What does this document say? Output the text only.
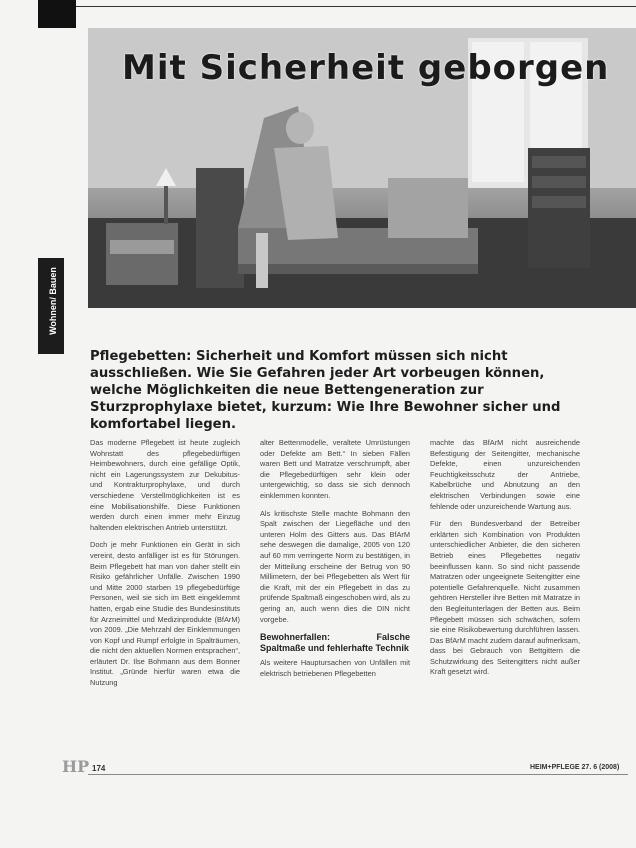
Mit Sicherheit geborgen
Wohnen/ Bauen
Pflegebetten: Sicherheit und Komfort müssen sich nicht ausschließen. Wie Sie Gefahren jeder Art vorbeugen können, welche Möglichkeiten die neue Bettengeneration zur Sturzprophylaxe bietet, kurzum: Wie Ihre Bewohner sicher und komfortabel liegen.

Das moderne Pflegebett ist heute zugleich Wohnstatt des pflegebedürftigen Heimbewohners, durch eine gefällige Optik, nicht ein Lagerungssystem zur Dekubitus- und Kontrakturprophylaxe, und durch verschiedene Verstellmöglichkeiten ist es eine Mobilisationshilfe. Diese Funktionen werden durch einen immer mehr Einzug haltenden elektrischen Antrieb unterstützt.

Doch je mehr Funktionen ein Gerät in sich vereint, desto anfälliger ist es für Störungen. Beim Pflegebett hat man von daher stellt ein Risiko gefährlicher Unfälle. Zwischen 1990 und Mitte 2000 starben 19 pflegebedürftige Personen, weil sie sich im Bett eingeklemmt hatten, ergab eine Studie des Bundesinstituts für Arzneimittel und Medizinprodukte (BfArM) von 2009. „Die Mehrzahl der Einklemmungen von Kopf und Rumpf erfolgte in Spalträumen, die nicht den aktuellen Normen entsprachen“, erläutert Dr. Ilse Bohmann aus dem Bonner Institut. „Gründe hierfür waren etwa die Nutzung

alter Bettenmodelle, veraltete Umrüstungen oder Defekte am Bett.“ In sieben Fällen waren Bett und Matratze verschrumpft, aber die Pflegebedürftigen sehr klein oder untergewichtig, so dass sie sich dennoch einklemmen konnten.

Als kritischste Stelle machte Bohmann den Spalt zwischen der Liegefläche und den unteren Holm des Gitters aus. Das BfArM sehe deswegen die damalige, 2005 von 120 auf 60 mm verringerte Norm zu bestätigen, in der Mitteilung erscheine der Betrug von 90 Millimetern, der bei Pflegebetten als Wert für die Kraft, mit der ein Pflegebett in das zu prüfende Spaltmaß eingeschoben wird, als zu gering an, auch wenn dies die DIN nicht vorgebe.

Bewohnerfallen: Falsche Spaltmaße und fehlerhafte Technik

Als weitere Hauptursachen von Unfällen mit elektrisch betriebenen Pflegebetten

machte das BfArM nicht ausreichende Befestigung der Seitengitter, mechanische Defekte, einen unzureichenden Feuchtigkeitsschutz der Antriebe, Kabelbrüche und Abnutzung an den elektrischen Verbindungen sowie eine fehlende oder unzureichende Wartung aus.

Für den Bundesverband der Betreiber erklärten sich Kombination von Produkten unterschiedlicher Anbieter, die den sicheren Betrieb eines Pflegebettes negativ beeinflussen kann. So sind nicht passende Matratzen oder ungeeignete Seitengitter eine potentielle Gefahrenquelle. Nicht zusammen gehören Hersteller ihre Betten mit Matratze in den Begleitunterlagen der Betten aus. Beim Pflegebett müssen sich schwächen, sofern sie eine Risikobewertung durchführen lassen. Das BfArM macht zudem darauf aufmerksam, dass bei Gebrauch von Bettgittern die Schutzwirkung des Seitengitters nicht außer Kraft gesetzt wird.

HP 174	HEIM+PFLEGE 27. 6 (2008)
